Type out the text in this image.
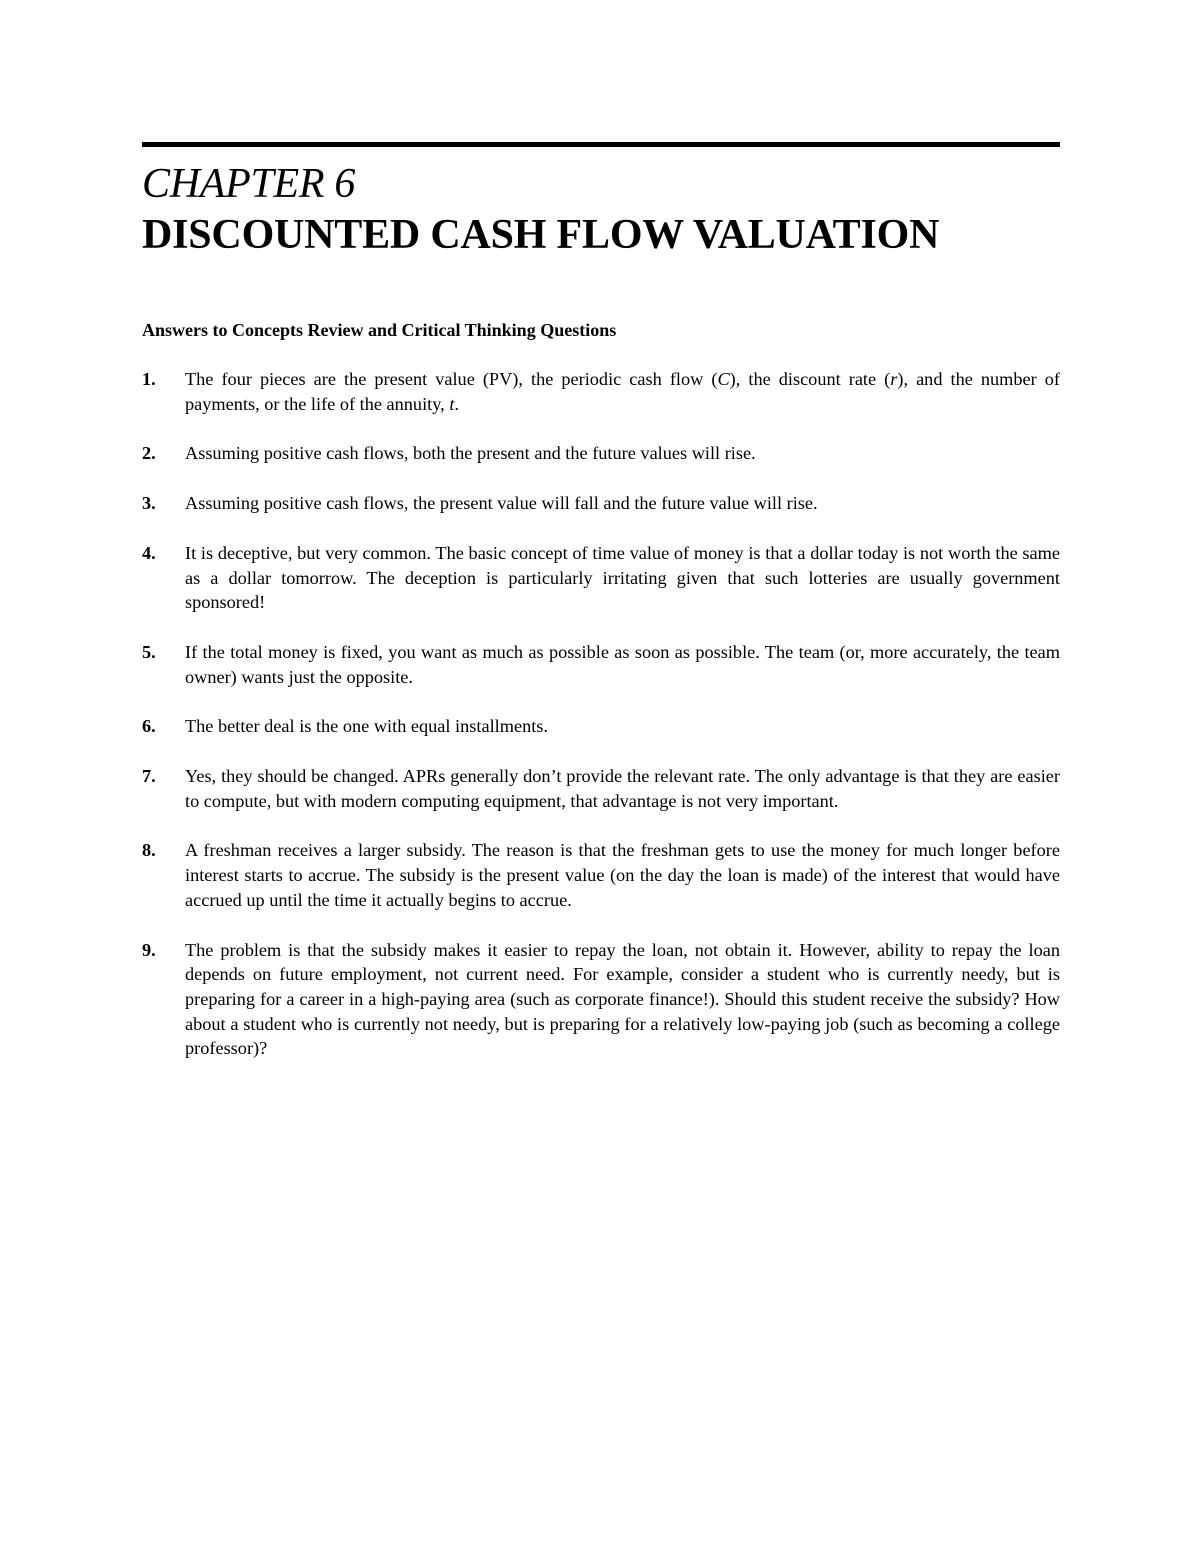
CHAPTER 6
DISCOUNTED CASH FLOW VALUATION
Answers to Concepts Review and Critical Thinking Questions
1. The four pieces are the present value (PV), the periodic cash flow (C), the discount rate (r), and the number of payments, or the life of the annuity, t.
2. Assuming positive cash flows, both the present and the future values will rise.
3. Assuming positive cash flows, the present value will fall and the future value will rise.
4. It is deceptive, but very common. The basic concept of time value of money is that a dollar today is not worth the same as a dollar tomorrow. The deception is particularly irritating given that such lotteries are usually government sponsored!
5. If the total money is fixed, you want as much as possible as soon as possible. The team (or, more accurately, the team owner) wants just the opposite.
6. The better deal is the one with equal installments.
7. Yes, they should be changed. APRs generally don’t provide the relevant rate. The only advantage is that they are easier to compute, but with modern computing equipment, that advantage is not very important.
8. A freshman receives a larger subsidy. The reason is that the freshman gets to use the money for much longer before interest starts to accrue. The subsidy is the present value (on the day the loan is made) of the interest that would have accrued up until the time it actually begins to accrue.
9. The problem is that the subsidy makes it easier to repay the loan, not obtain it. However, ability to repay the loan depends on future employment, not current need. For example, consider a student who is currently needy, but is preparing for a career in a high-paying area (such as corporate finance!). Should this student receive the subsidy? How about a student who is currently not needy, but is preparing for a relatively low-paying job (such as becoming a college professor)?
